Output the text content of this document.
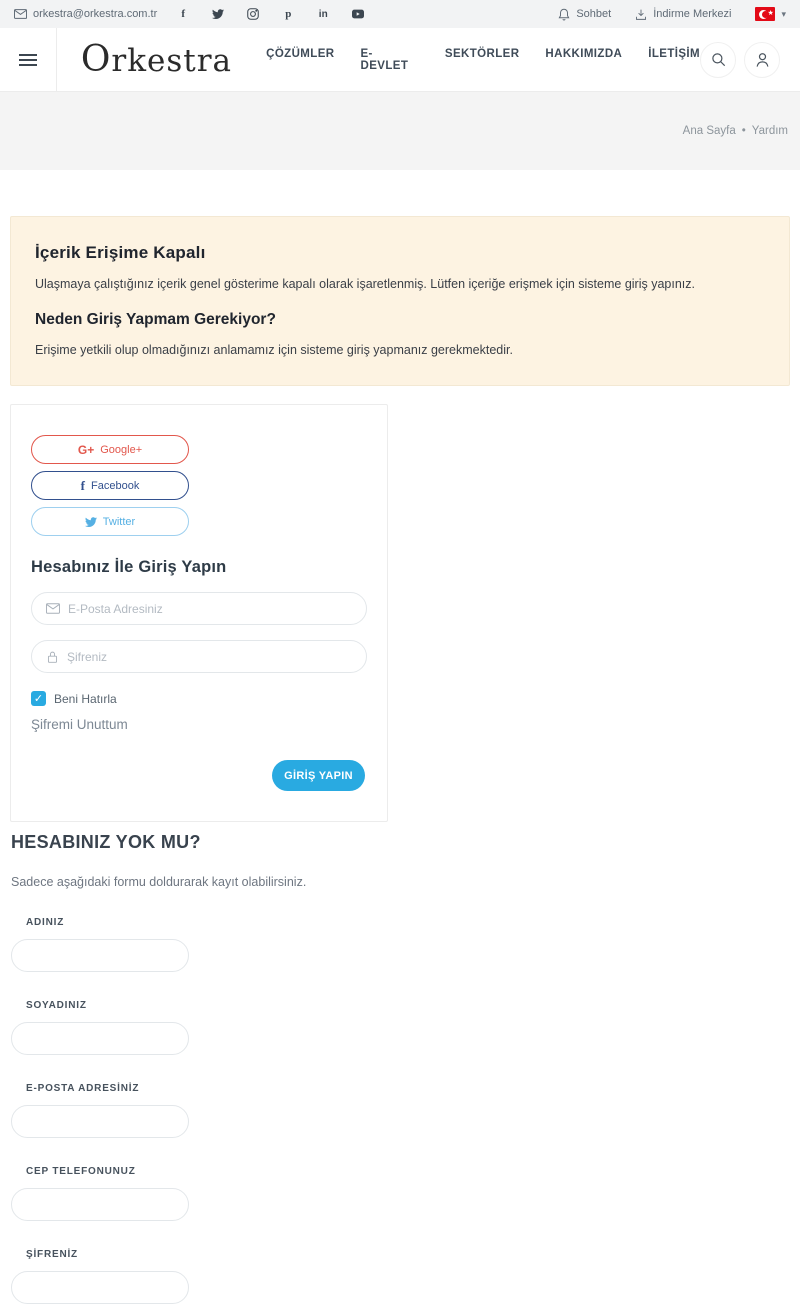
orkestra@orkestra.com.tr	f	p	in	Sohbet	İndirme Merkezi	★ ▾
Orkestra	ÇÖZÜMLER E-DEVLET
SEKTÖRLER HAKKIMIZDA İLETİŞİM
Ana Sayfa • Yardım
İçerik Erişime Kapalı

Ulaşmaya çalıştığınız içerik genel gösterime kapalı olarak işaretlenmiş. Lütfen içeriğe erişmek için sisteme giriş yapınız.

Neden Giriş Yapmam Gerekiyor?

Erişime yetkili olup olmadığınızı anlamamız için sisteme giriş yapmanız gerekmektedir.

G+ Google+
f Facebook
Twitter
Hesabınız İle Giriş Yapın
E-Posta Adresiniz
✓ Beni Hatırla
Şifremi Unuttum
GİRİŞ YAPIN
HESABINIZ YOK MU?

Sadece aşağıdaki formu doldurarak kayıt olabilirsiniz.

ADINIZ
SOYADINIZ
E-POSTA ADRESİNİZ
CEP TELEFONUNUZ
ŞİFRENİZ
